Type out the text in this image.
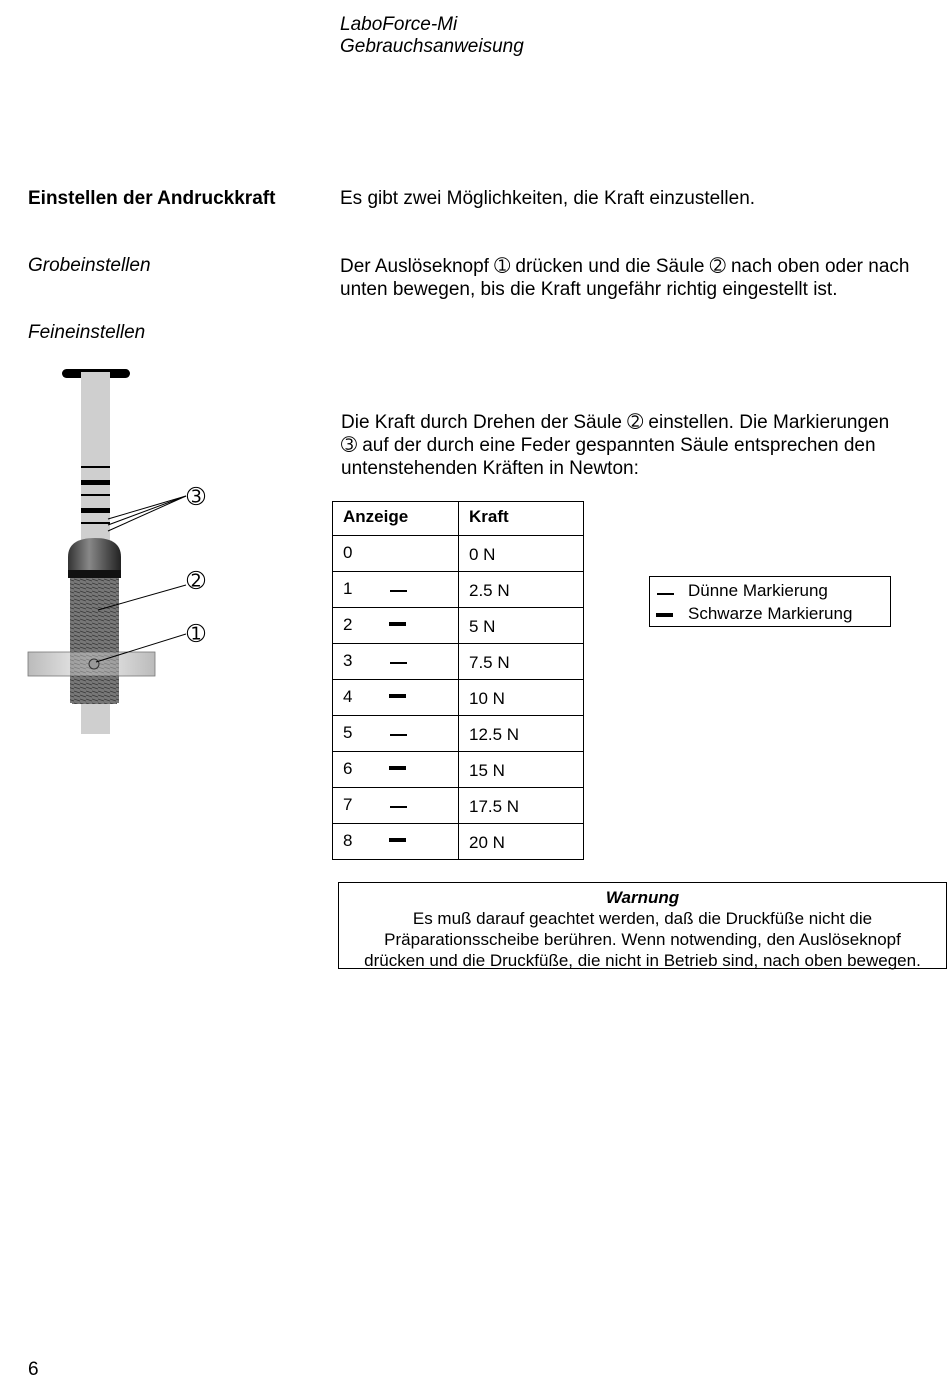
LaboForce-Mi
Gebrauchsanweisung
Einstellen der Andruckkraft	Es gibt zwei Möglichkeiten, die Kraft einzustellen.
Grobeinstellen	Der Auslöseknopf ➀ drücken und die Säule ➁ nach oben oder nach unten bewegen, bis die Kraft ungefähr richtig eingestellt ist.
Feineinstellen
Die Kraft durch Drehen der Säule ➁ einstellen. Die Markierungen ➂ auf der durch eine Feder gespannten Säule entsprechen den untenstehenden Kräften in Newton:
➂
➁
➀
Anzeige	Kraft
0	0 N
1	2.5 N
2	5 N
3	7.5 N
4	10 N
5	12.5 N
6	15 N
7	17.5 N
8	20 N
Dünne Markierung
Schwarze Markierung
Warnung
Es muß darauf geachtet werden, daß die Druckfüße nicht die
Präparationsscheibe berühren. Wenn notwending, den Auslöseknopf
drücken und die Druckfüße, die nicht in Betrieb sind, nach oben bewegen.
6
